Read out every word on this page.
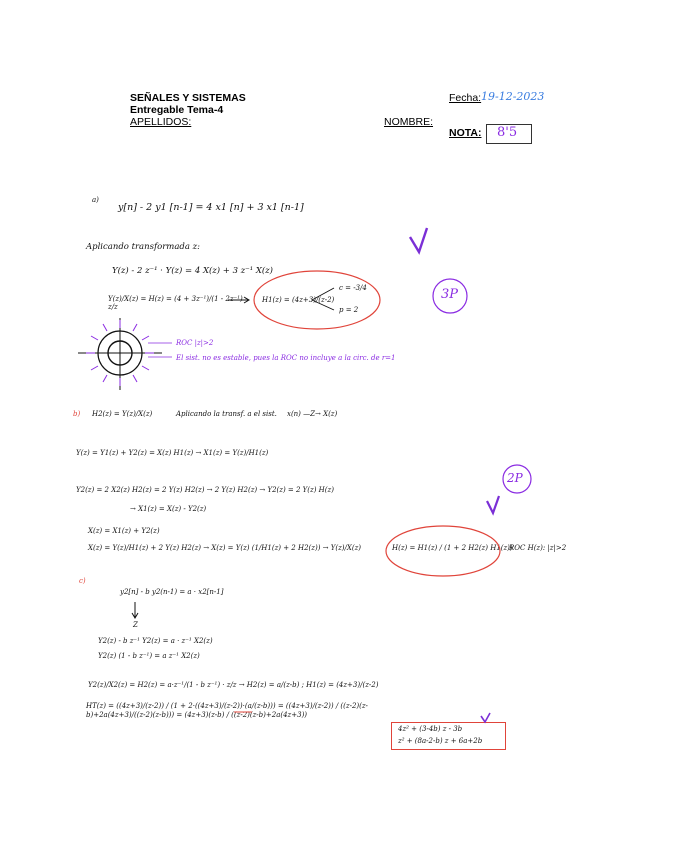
SEÑALES Y SISTEMAS
Entregable Tema-4
APELLIDOS:	NOMBRE:
Fecha: 19-12-2023
NOTA: 8'5
a)
y[n] - 2 y1 [n-1] = 4 x1 [n] + 3 x1 [n-1]
Aplicando transformada z:
Y(z) - 2 z⁻¹ · Y(z) = 4 X(z) + 3 z⁻¹ X(z)
Y(z)/X(z) = H(z) = (4 + 3z⁻¹)/(1 - 2z⁻¹) · z/z
H1(z) = (4z+3)/(z-2)
c = -3/4
p = 2
ROC |z|>2
El sist. no es estable, pues la ROC no incluye a la circ. de r=1
3P
b) H2(z) = Y(z)/X(z)	Aplicando la transf. a el sist. x(n) —Z→ X(z)
Y(z) = Y1(z) + Y2(z) = X(z) H1(z) → X1(z) = Y(z)/H1(z)
Y2(z) = 2 X2(z) H2(z) = 2 Y(z) H2(z) → 2 Y(z) H2(z) → Y2(z) = 2 Y(z) H(z)
→ X1(z) = X(z) - Y2(z)
X(z) = X1(z) + Y2(z)
X(z) = Y(z)/H1(z) + 2 Y(z) H2(z) → X(z) = Y(z) (1/H1(z) + 2 H2(z)) → Y(z)/X(z)	H(z) = H1(z) / (1 + 2 H2(z) H1(z))
ROC H(z): |z|>2
2P
c)
y2[n] - b y2(n-1) = a · x2[n-1]
Z
Y2(z) - b z⁻¹ Y2(z) = a · z⁻¹ X2(z)
Y2(z) (1 - b z⁻¹) = a z⁻¹ X2(z)
Y2(z)/X2(z) = H2(z) = a·z⁻¹/(1 - b z⁻¹) · z/z → H2(z) = a/(z-b) ; H1(z) = (4z+3)/(z-2)
HT(z) = ((4z+3)/(z-2)) / (1 + 2·((4z+3)/(z-2))·(a/(z-b))) = ((4z+3)/(z-2)) / ((z-2)(z-b)+2a(4z+3)/((z-2)(z-b))) = (4z+3)(z-b) / ((z-2)(z-b)+2a(4z+3))
4z² + (3-4b) z - 3b
z² + (8a-2-b) z + 6a+2b
